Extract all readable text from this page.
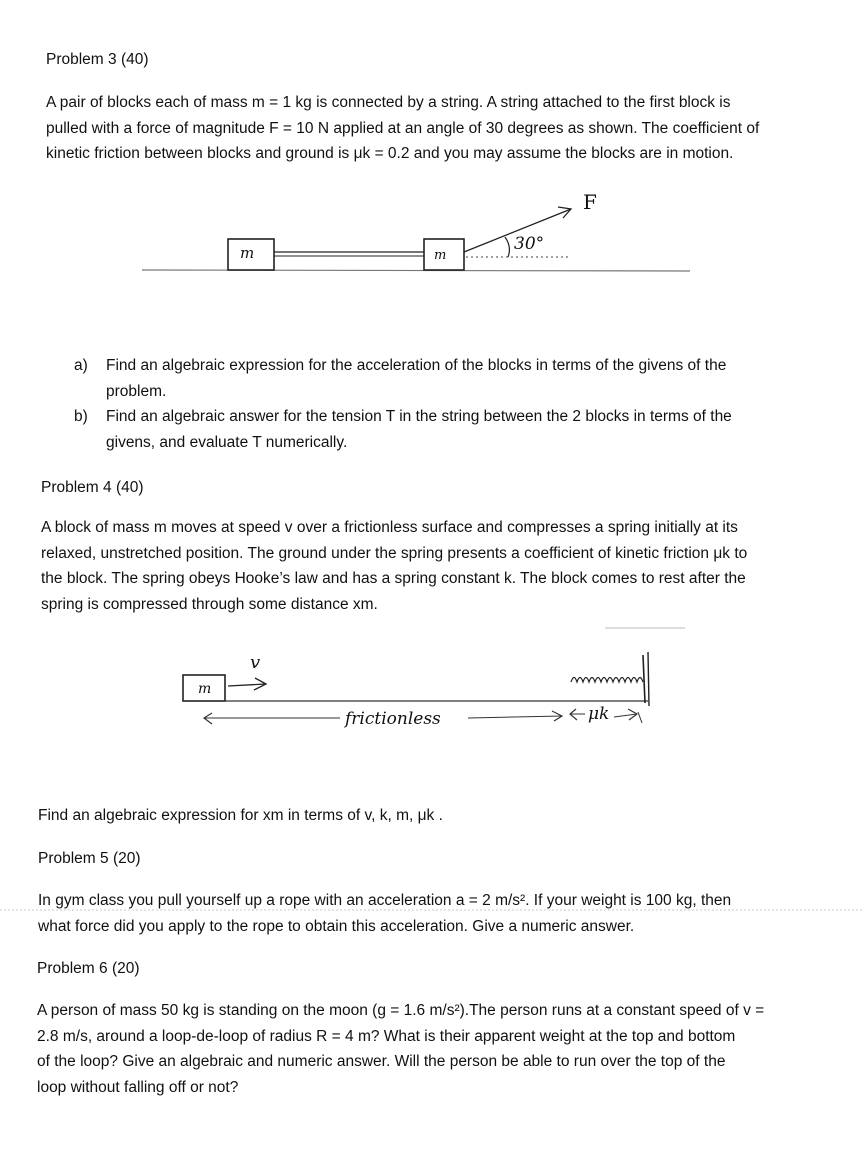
Problem 3 (40)
A pair of blocks each of mass m = 1 kg is connected by a string. A string attached to the first block is
pulled with a force of magnitude F = 10 N applied at an angle of 30 degrees as shown. The coefficient of
kinetic friction between blocks and ground is μk = 0.2 and you may assume the blocks are in motion.
m	m
30°
F
a) Find an algebraic expression for the acceleration of the blocks in terms of the givens of the
problem.
b) Find an algebraic answer for the tension T in the string between the 2 blocks in terms of the
givens, and evaluate T numerically.
Problem 4 (40)
A block of mass m moves at speed v over a frictionless surface and compresses a spring initially at its
relaxed, unstretched position. The ground under the spring presents a coefficient of kinetic friction μk to
the block. The spring obeys Hooke’s law and has a spring constant k. The block comes to rest after the
spring is compressed through some distance xm.
m
v
frictionless	μk
Find an algebraic expression for xm in terms of v, k, m, μk .
Problem 5 (20)
In gym class you pull yourself up a rope with an acceleration a = 2 m/s². If your weight is 100 kg, then
what force did you apply to the rope to obtain this acceleration. Give a numeric answer.
Problem 6 (20)
A person of mass 50 kg is standing on the moon (g = 1.6 m/s²).The person runs at a constant speed of v =
2.8 m/s, around a loop-de-loop of radius R = 4 m? What is their apparent weight at the top and bottom
of the loop? Give an algebraic and numeric answer. Will the person be able to run over the top of the
loop without falling off or not?
